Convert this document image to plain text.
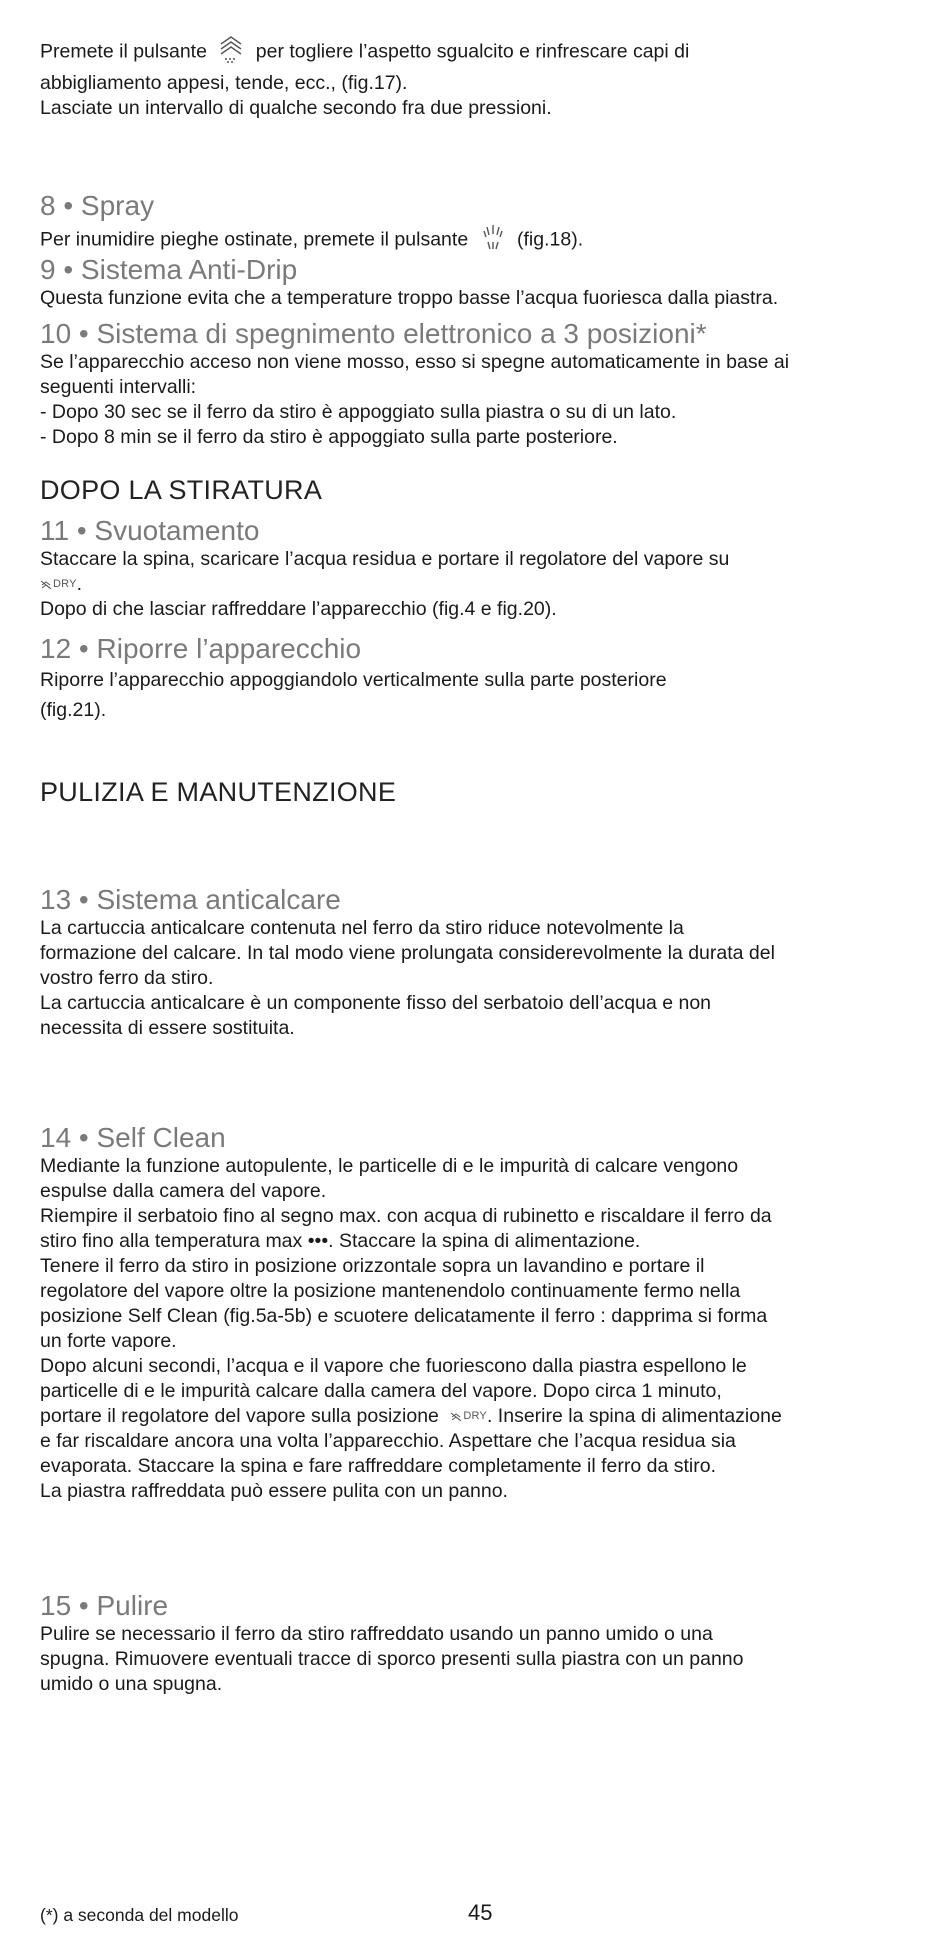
Premete il pulsante	per togliere l’aspetto sgualcito e rinfrescare capi di

abbigliamento appesi, tende, ecc., (fig.17).

Lasciate un intervallo di qualche secondo fra due pressioni.

8 • Spray

Per inumidire pieghe ostinate, premete il pulsante	(fig.18).

9 • Sistema Anti-Drip

Questa funzione evita che a temperature troppo basse l’acqua fuoriesca dalla piastra.

10 • Sistema di spegnimento elettronico a 3 posizioni*

Se l’apparecchio acceso non viene mosso, esso si spegne automaticamente in base ai

seguenti intervalli:

- Dopo 30 sec se il ferro da stiro è appoggiato sulla piastra o su di un lato.

- Dopo 8 min se il ferro da stiro è appoggiato sulla parte posteriore.

DOPO LA STIRATURA
11 • Svuotamento

Staccare la spina, scaricare l’acqua residua e portare il regolatore del vapore su

DRY .

Dopo di che lasciar raffreddare l’apparecchio (fig.4 e fig.20).

12 • Riporre l’apparecchio

Riporre l’apparecchio appoggiandolo verticalmente sulla parte posteriore

(fig.21).

PULIZIA E MANUTENZIONE
13 • Sistema anticalcare

La cartuccia anticalcare contenuta nel ferro da stiro riduce notevolmente la

formazione del calcare. In tal modo viene prolungata considerevolmente la durata del

vostro ferro da stiro.

La cartuccia anticalcare è un componente fisso del serbatoio dell’acqua e non

necessita di essere sostituita.

14 • Self Clean

Mediante la funzione autopulente, le particelle di e le impurità di calcare vengono

espulse dalla camera del vapore.

Riempire il serbatoio fino al segno max. con acqua di rubinetto e riscaldare il ferro da

stiro fino alla temperatura max •••. Staccare la spina di alimentazione.

Tenere il ferro da stiro in posizione orizzontale sopra un lavandino e portare il

regolatore del vapore oltre la posizione mantenendolo continuamente fermo nella

posizione Self Clean (fig.5a-5b) e scuotere delicatamente il ferro : dapprima si forma

un forte vapore.

Dopo alcuni secondi, l’acqua e il vapore che fuoriescono dalla piastra espellono le

particelle di e le impurità calcare dalla camera del vapore. Dopo circa 1 minuto,

portare il regolatore del vapore sulla posizione DRY . Inserire la spina di alimentazione

e far riscaldare ancora una volta l’apparecchio. Aspettare che l’acqua residua sia

evaporata. Staccare la spina e fare raffreddare completamente il ferro da stiro.

La piastra raffreddata può essere pulita con un panno.

15 • Pulire

Pulire se necessario il ferro da stiro raffreddato usando un panno umido o una

spugna. Rimuovere eventuali tracce di sporco presenti sulla piastra con un panno

umido o una spugna.

(*) a seconda del modello	45
